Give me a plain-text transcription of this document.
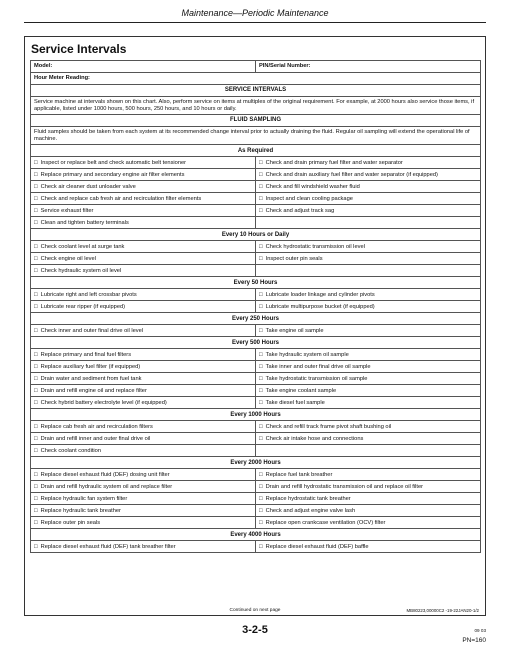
Maintenance—Periodic Maintenance
Service Intervals
Model:	PIN/Serial Number:
Hour Meter Reading:	
SERVICE INTERVALS	
Service machine at intervals shown on this chart. Also, perform service on items at multiples of the original requirement. For example, at 2000 hours also service those items, if applicable, listed under 1000 hours, 500 hours, 250 hours, and 10 hours or daily.	
FLUID SAMPLING	
Fluid samples should be taken from each system at its recommended change interval prior to actually draining the fluid. Regular oil sampling will extend the operational life of machine.	
As Required	
□ Inspect or replace belt and check automatic belt tensioner	□ Check and drain primary fuel filter and water separator
□ Replace primary and secondary engine air filter elements	□ Check and drain auxiliary fuel filter and water separator (if equipped)
□ Check air cleaner dust unloader valve	□ Check and fill windshield washer fluid
□ Check and replace cab fresh air and recirculation filter elements	□ Inspect and clean cooling package
□ Service exhaust filter	□ Check and adjust track sag
□ Clean and tighten battery terminals	
Every 10 Hours or Daily	
□ Check coolant level at surge tank	□ Check hydrostatic transmission oil level
□ Check engine oil level	□ Inspect outer pin seals
□ Check hydraulic system oil level	
Every 50 Hours	
□ Lubricate right and left crossbar pivots	□ Lubricate loader linkage and cylinder pivots
□ Lubricate rear ripper (if equipped)	□ Lubricate multipurpose bucket (if equipped)
Every 250 Hours	
□ Check inner and outer final drive oil level	□ Take engine oil sample
Every 500 Hours	
□ Replace primary and final fuel filters	□ Take hydraulic system oil sample
□ Replace auxiliary fuel filter (if equipped)	□ Take inner and outer final drive oil sample
□ Drain water and sediment from fuel tank	□ Take hydrostatic transmission oil sample
□ Drain and refill engine oil and replace filter	□ Take engine coolant sample
□ Check hybrid battery electrolyte level (if equipped)	□ Take diesel fuel sample
Every 1000 Hours	
□ Replace cab fresh air and recirculation filters	□ Check and refill track frame pivot shaft bushing oil
□ Drain and refill inner and outer final drive oil	□ Check air intake hose and connections
□ Check coolant condition	
Every 2000 Hours	
□ Replace diesel exhaust fluid (DEF) dosing unit filter	□ Replace fuel tank breather
□ Drain and refill hydraulic system oil and replace filter	□ Drain and refill hydrostatic transmission oil and replace oil filter
□ Replace hydraulic fan system filter	□ Replace hydrostatic tank breather
□ Replace hydraulic tank breather	□ Check and adjust engine valve lash
□ Replace outer pin seals	□ Replace open crankcase ventilation (OCV) filter
Every 4000 Hours	
□ Replace diesel exhaust fluid (DEF) tank breather filter	□ Replace diesel exhaust fluid (DEF) baffle
Continued on next page	MB80223,00000C2 -19-22JAN20-1/2
3-2-5	09 03
PN=160
